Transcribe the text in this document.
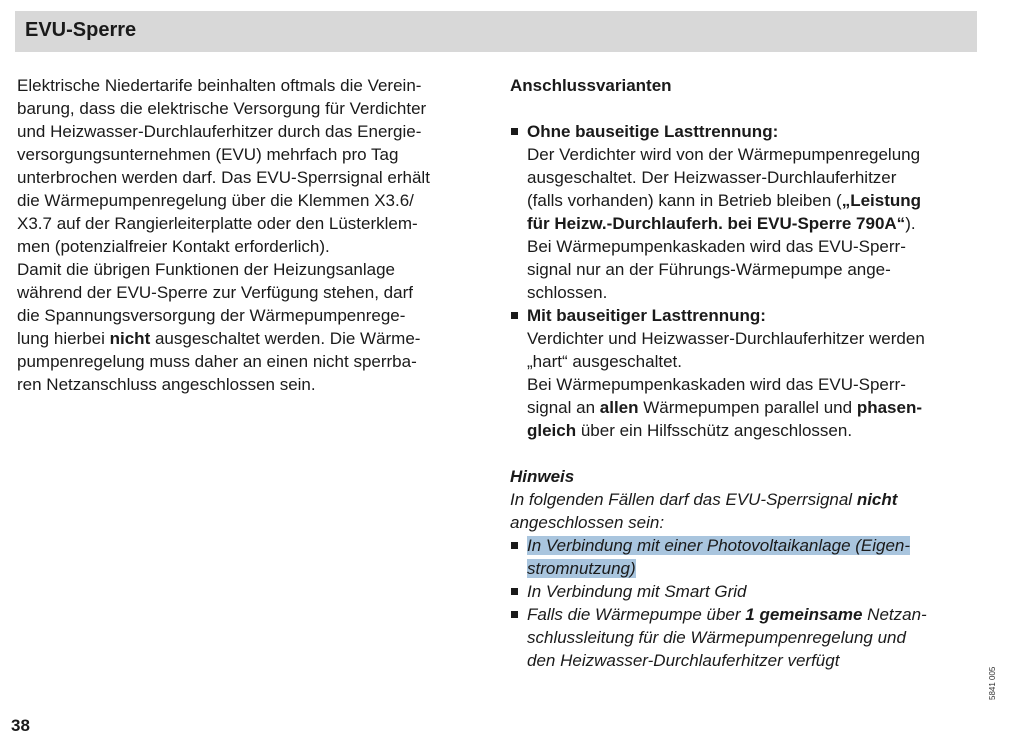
EVU-Sperre
Elektrische Niedertarife beinhalten oftmals die Verein-
barung, dass die elektrische Versorgung für Verdichter
und Heizwasser-Durchlauferhitzer durch das Energie-
versorgungsunternehmen (EVU) mehrfach pro Tag
unterbrochen werden darf. Das EVU-Sperrsignal erhält
die Wärmepumpenregelung über die Klemmen X3.6/
X3.7 auf der Rangierleiterplatte oder den Lüsterklem-
men (potenzialfreier Kontakt erforderlich).
Damit die übrigen Funktionen der Heizungsanlage
während der EVU-Sperre zur Verfügung stehen, darf
die Spannungsversorgung der Wärmepumpenrege-
lung hierbei nicht ausgeschaltet werden. Die Wärme-
pumpenregelung muss daher an einen nicht sperrba-
ren Netzanschluss angeschlossen sein.
Anschlussvarianten
Ohne bauseitige Lasttrennung:
Der Verdichter wird von der Wärmepumpenregelung
ausgeschaltet. Der Heizwasser-Durchlauferhitzer
(falls vorhanden) kann in Betrieb bleiben („Leistung
für Heizw.-Durchlauferh. bei EVU-Sperre 790A“).
Bei Wärmepumpenkaskaden wird das EVU-Sperr-
signal nur an der Führungs-Wärmepumpe ange-
schlossen.
Mit bauseitiger Lasttrennung:
Verdichter und Heizwasser-Durchlauferhitzer werden
„hart“ ausgeschaltet.
Bei Wärmepumpenkaskaden wird das EVU-Sperr-
signal an allen Wärmepumpen parallel und phasen-
gleich über ein Hilfsschütz angeschlossen.
Hinweis
In folgenden Fällen darf das EVU-Sperrsignal nicht
angeschlossen sein:
In Verbindung mit einer Photovoltaikanlage (Eigen-
stromnutzung)
In Verbindung mit Smart Grid
Falls die Wärmepumpe über 1 gemeinsame Netzan-
schlussleitung für die Wärmepumpenregelung und
den Heizwasser-Durchlauferhitzer verfügt
38
5841 005
